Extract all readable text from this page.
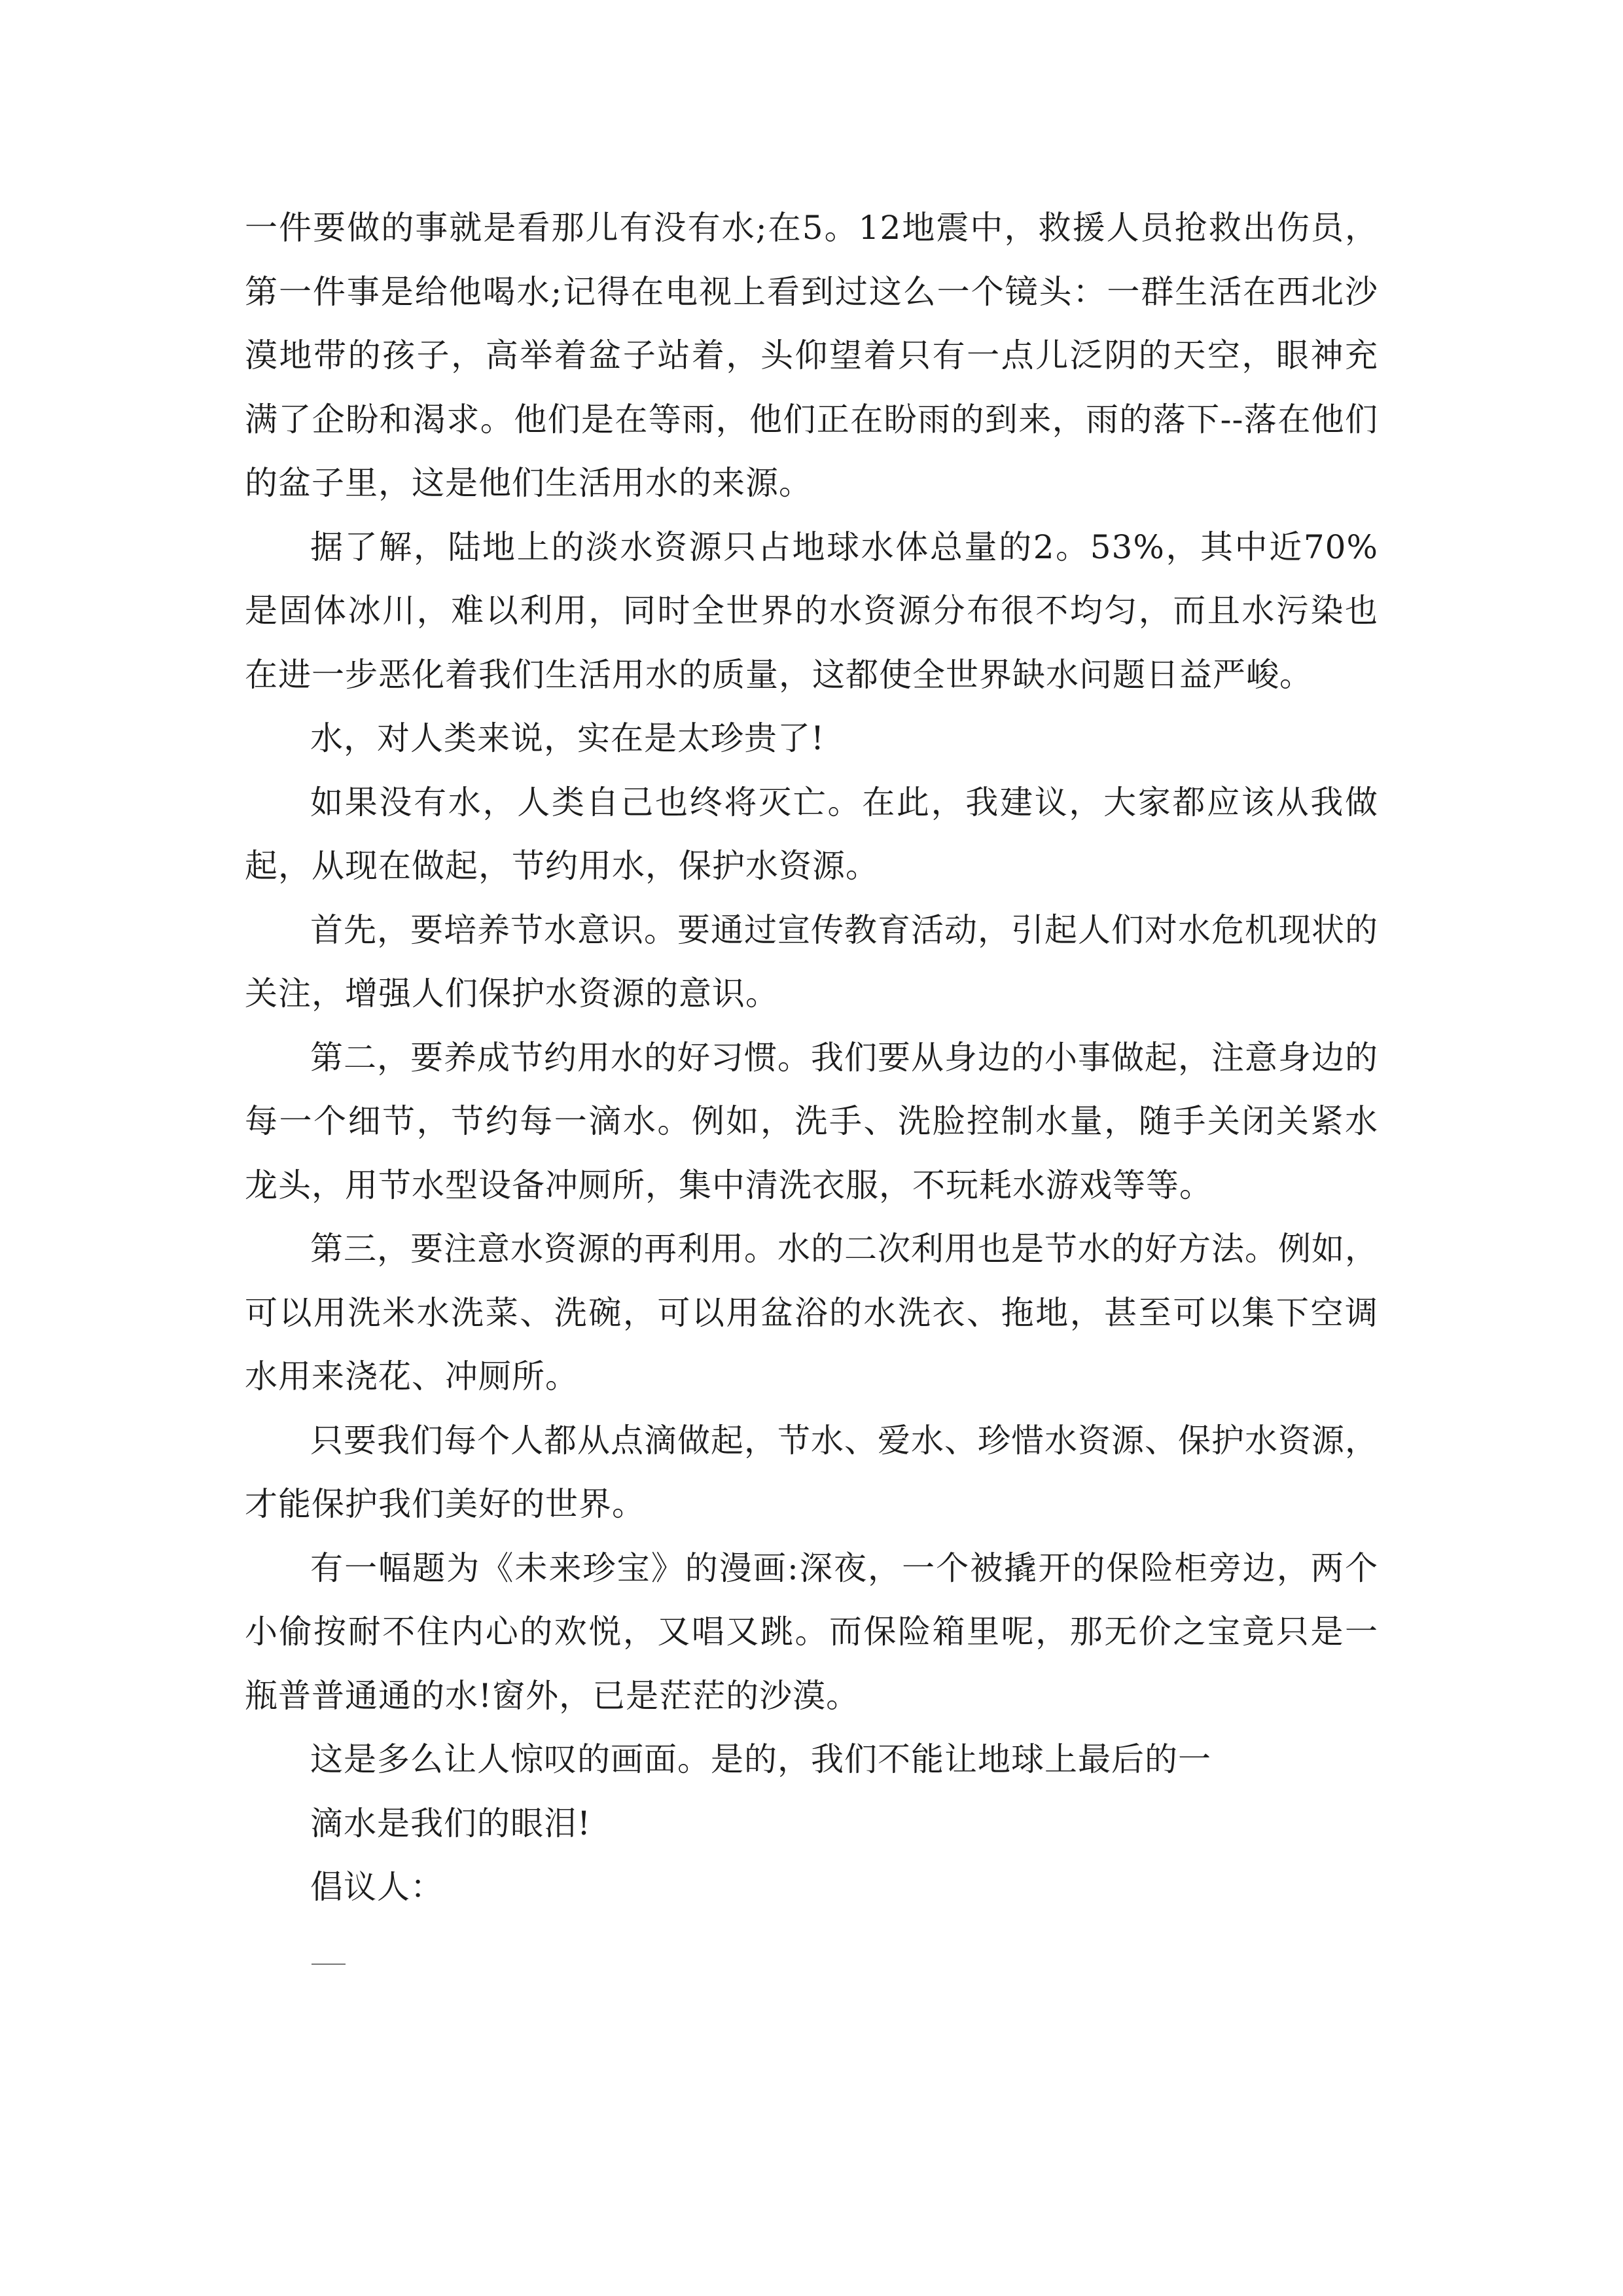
一件要做的事就是看那儿有没有水;在5。12地震中，救援人员抢救出伤员，第一件事是给他喝水;记得在电视上看到过这么一个镜头：一群生活在西北沙漠地带的孩子，高举着盆子站着，头仰望着只有一点儿泛阴的天空，眼神充满了企盼和渴求。他们是在等雨，他们正在盼雨的到来，雨的落下--落在他们的盆子里，这是他们生活用水的来源。

据了解，陆地上的淡水资源只占地球水体总量的2。53%，其中近70%是固体冰川，难以利用，同时全世界的水资源分布很不均匀，而且水污染也在进一步恶化着我们生活用水的质量，这都使全世界缺水问题日益严峻。

水，对人类来说，实在是太珍贵了!

如果没有水，人类自己也终将灭亡。在此，我建议，大家都应该从我做起，从现在做起，节约用水，保护水资源。

首先，要培养节水意识。要通过宣传教育活动，引起人们对水危机现状的关注，增强人们保护水资源的意识。

第二，要养成节约用水的好习惯。我们要从身边的小事做起，注意身边的每一个细节，节约每一滴水。例如，洗手、洗脸控制水量，随手关闭关紧水龙头，用节水型设备冲厕所，集中清洗衣服，不玩耗水游戏等等。

第三，要注意水资源的再利用。水的二次利用也是节水的好方法。例如，可以用洗米水洗菜、洗碗，可以用盆浴的水洗衣、拖地，甚至可以集下空调水用来浇花、冲厕所。

只要我们每个人都从点滴做起，节水、爱水、珍惜水资源、保护水资源，才能保护我们美好的世界。

有一幅题为《未来珍宝》的漫画:深夜，一个被撬开的保险柜旁边，两个小偷按耐不住内心的欢悦，又唱又跳。而保险箱里呢，那无价之宝竟只是一瓶普普通通的水!窗外，已是茫茫的沙漠。

这是多么让人惊叹的画面。是的，我们不能让地球上最后的一

滴水是我们的眼泪!

倡议人：
